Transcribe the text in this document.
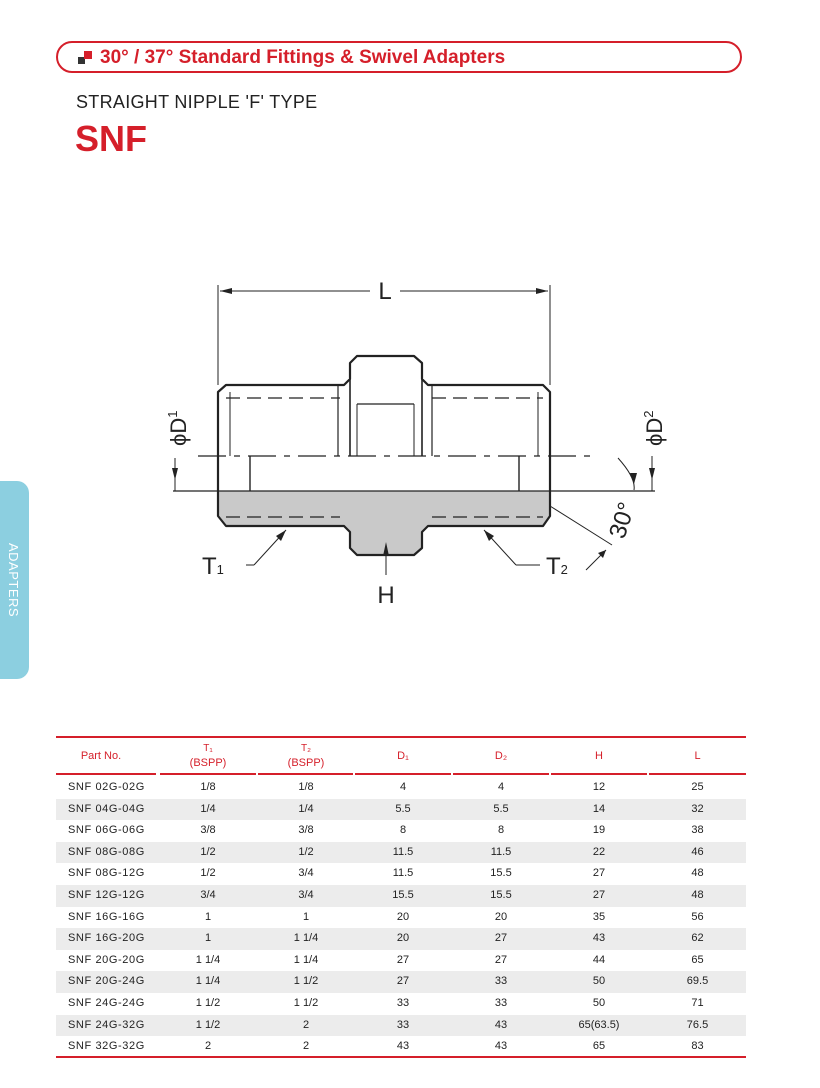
30° / 37° Standard Fittings & Swivel Adapters
STRAIGHT NIPPLE 'F' TYPE
SNF
ADAPTERS
L
$\phi D^1$
$\phi D^2$
30°
T1	T2
H
Part No.
T₁
(BSPP)
T₂
(BSPP)
D₁	D₂	H	L
SNF 02G-02G	1/8	1/8	4	4	12	25
SNF 04G-04G	1/4	1/4	5.5	5.5	14	32
SNF 06G-06G	3/8	3/8	8	8	19	38
SNF 08G-08G	1/2	1/2	11.5	11.5	22	46
SNF 08G-12G	1/2	3/4	11.5	15.5	27	48
SNF 12G-12G	3/4	3/4	15.5	15.5	27	48
SNF 16G-16G	1	1	20	20	35	56
SNF 16G-20G	1	1 1/4	20	27	43	62
SNF 20G-20G	1 1/4	1 1/4	27	27	44	65
SNF 20G-24G	1 1/4	1 1/2	27	33	50	69.5
SNF 24G-24G	1 1/2	1 1/2	33	33	50	71
SNF 24G-32G	1 1/2	2	33	43	65(63.5)	76.5
SNF 32G-32G	2	2	43	43	65	83
